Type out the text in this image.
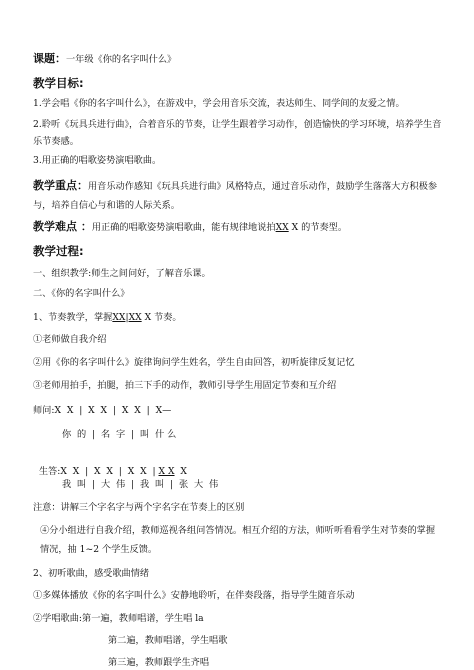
课题：一年级《你的名字叫什么》
教学目标:
1.学会唱《你的名字叫什么》，在游戏中，学会用音乐交流，表达师生、同学间的友爱之情。
2.聆听《玩具兵进行曲》，合着音乐的节奏，让学生跟着学习动作，创造愉快的学习环境，培养学生音乐节奏感。
3.用正确的唱歌姿势演唱歌曲。
教学重点：用音乐动作感知《玩具兵进行曲》风格特点，通过音乐动作，鼓励学生落落大方积极参与，培养自信心与和谐的人际关系。
教学难点 ：用正确的唱歌姿势演唱歌曲，能有规律地说拍XX X 的节奏型。
教学过程:
一、组织教学:师生之间问好，了解音乐课。
二、《你的名字叫什么》
1、节奏教学，掌握XX|XX X 节奏。
①老师做自我介绍
②用《你的名字叫什么》旋律询问学生姓名，学生自由回答，初听旋律反复记忆
③老师用拍手，拍腿，拍三下手的动作，教师引导学生用固定节奏和互介绍
师问:X  X  |  X  X  |  X  X  |  X—
你  的  |  名  字  |  叫  什 么

生答:X  X  |  X  X  |  X  X  | X X  X

我  叫  |  大  伟  |  我  叫  |  张  大  伟
注意：讲解三个字名字与两个字名字在节奏上的区别
④分小组进行自我介绍，教师巡视各组问答情况。相互介绍的方法，师听听看看学生对节奏的掌握情况，抽 1~2 个学生反馈。
2、初听歌曲，感受歌曲情绪
①多媒体播放《你的名字叫什么》安静地聆听，在伴奏段落，指导学生随音乐动
②学唱歌曲:第一遍，教师唱谱，学生唱 la
第二遍，教师唱谱，学生唱歌
第三遍，教师跟学生齐唱
